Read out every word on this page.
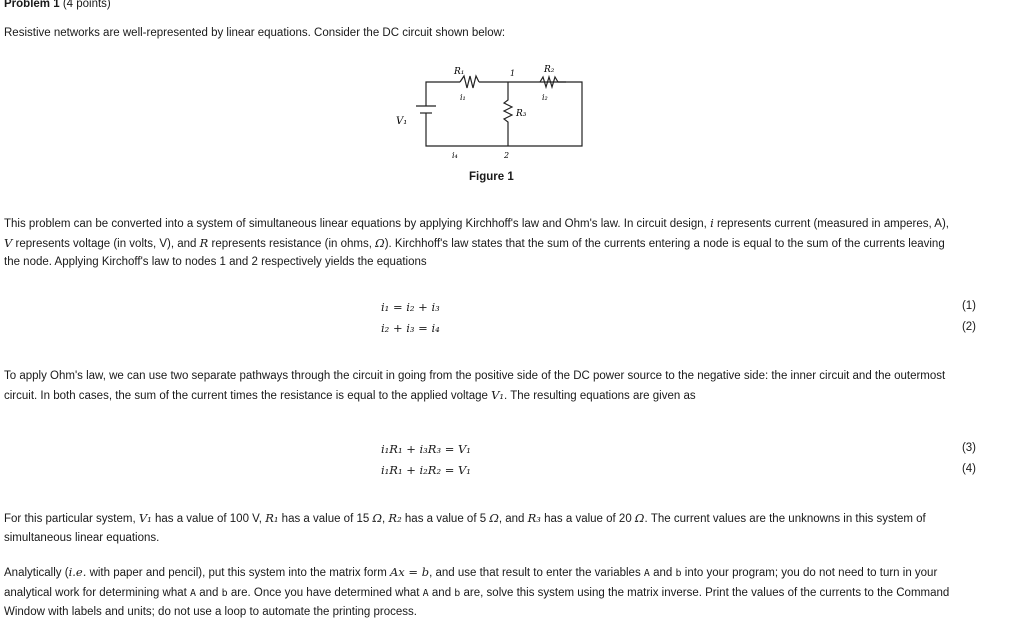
Problem 1 (4 points)
Resistive networks are well-represented by linear equations. Consider the DC circuit shown below:
R₁
i₁
1	R₂
i₂
R₃
V₁
i₄	2
Figure 1
This problem can be converted into a system of simultaneous linear equations by applying Kirchhoff's law and Ohm's law. In circuit design, i represents current (measured in amperes, A),
V represents voltage (in volts, V), and R represents resistance (in ohms, Ω). Kirchhoff's law states that the sum of the currents entering a node is equal to the sum of the currents leaving
the node. Applying Kirchoff's law to nodes 1 and 2 respectively yields the equations
i₁ = i₂ + i₃	(1)
i₂ + i₃ = i₄	(2)
To apply Ohm's law, we can use two separate pathways through the circuit in going from the positive side of the DC power source to the negative side: the inner circuit and the outermost
circuit. In both cases, the sum of the current times the resistance is equal to the applied voltage V₁. The resulting equations are given as
i₁R₁ + i₃R₃ = V₁	(3)
i₁R₁ + i₂R₂ = V₁	(4)
For this particular system, V₁ has a value of 100 V, R₁ has a value of 15 Ω, R₂ has a value of 5 Ω, and R₃ has a value of 20 Ω. The current values are the unknowns in this system of
simultaneous linear equations.
Analytically (i.e. with paper and pencil), put this system into the matrix form Ax = b, and use that result to enter the variables A and b into your program; you do not need to turn in your
analytical work for determining what A and b are. Once you have determined what A and b are, solve this system using the matrix inverse. Print the values of the currents to the Command
Window with labels and units; do not use a loop to automate the printing process.
